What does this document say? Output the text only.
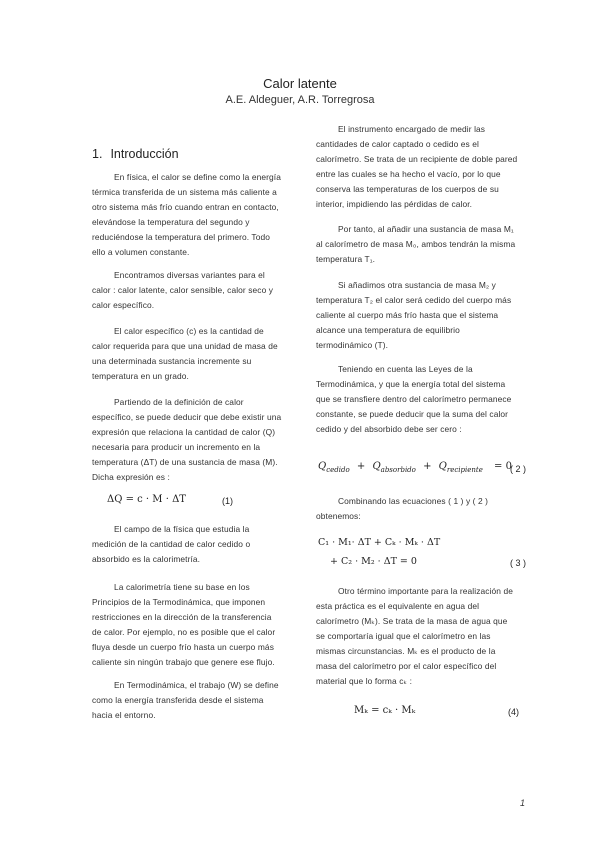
Calor latente
A.E. Aldeguer, A.R. Torregrosa
1. Introducción

En física, el calor se define como la energía térmica transferida de un sistema más caliente a otro sistema más frío cuando entran en contacto, elevándose la temperatura del segundo y reduciéndose la temperatura del primero. Todo ello a volumen constante.

Encontramos diversas variantes para el calor : calor latente, calor sensible, calor seco y calor específico.

El calor específico (c) es la cantidad de calor requerida para que una unidad de masa de una determinada sustancia incremente su temperatura en un grado.

Partiendo de la definición de calor específico, se puede deducir que debe existir una expresión que relaciona la cantidad de calor (Q) necesaria para producir un incremento en la temperatura (ΔT) de una sustancia de masa (M). Dicha expresión es :

El campo de la física que estudia la medición de la cantidad de calor cedido o absorbido es la calorimetría.

La calorimetría tiene su base en los Principios de la Termodinámica, que imponen restricciones en la dirección de la transferencia de calor. Por ejemplo, no es posible que el calor fluya desde un cuerpo frío hasta un cuerpo más caliente sin ningún trabajo que genere ese flujo.

En Termodinámica, el trabajo (W) se define como la energía transferida desde el sistema hacia el entorno.

ΔQ = c · M · ΔT	(1)

El instrumento encargado de medir las cantidades de calor captado o cedido es el calorímetro. Se trata de un recipiente de doble pared entre las cuales se ha hecho el vacío, por lo que conserva las temperaturas de los cuerpos de su interior, impidiendo las pérdidas de calor.

Por tanto, al añadir una sustancia de masa M₁ al calorímetro de masa M₀, ambos tendrán la misma temperatura T₁.

Si añadimos otra sustancia de masa M₂ y temperatura T₂ el calor será cedido del cuerpo más caliente al cuerpo más frío hasta que el sistema alcance una temperatura de equilibrio termodinámico (T).

Teniendo en cuenta las Leyes de la Termodinámica, y que la energía total del sistema que se transfiere dentro del calorímetro permanece constante, se puede deducir que la suma del calor cedido y del absorbido debe ser cero :

Combinando las ecuaciones ( 1 ) y ( 2 ) obtenemos:

Otro término importante para la realización de esta práctica es el equivalente en agua del calorímetro (Mₖ). Se trata de la masa de agua que se comportaría igual que el calorímetro en las mismas circunstancias. Mₖ es el producto de la masa del calorímetro por el calor específico del material que lo forma cₖ :

$Q_{cedido} + Q_{absorbido} + Q_{recipiente} = 0$
( 2 )
C₁ · M₁· ΔT + Cₖ · Mₖ · ΔT
+ C₂ · M₂ · ΔT = 0	( 3 )
Mₖ = cₖ · Mₖ	(4)
1
